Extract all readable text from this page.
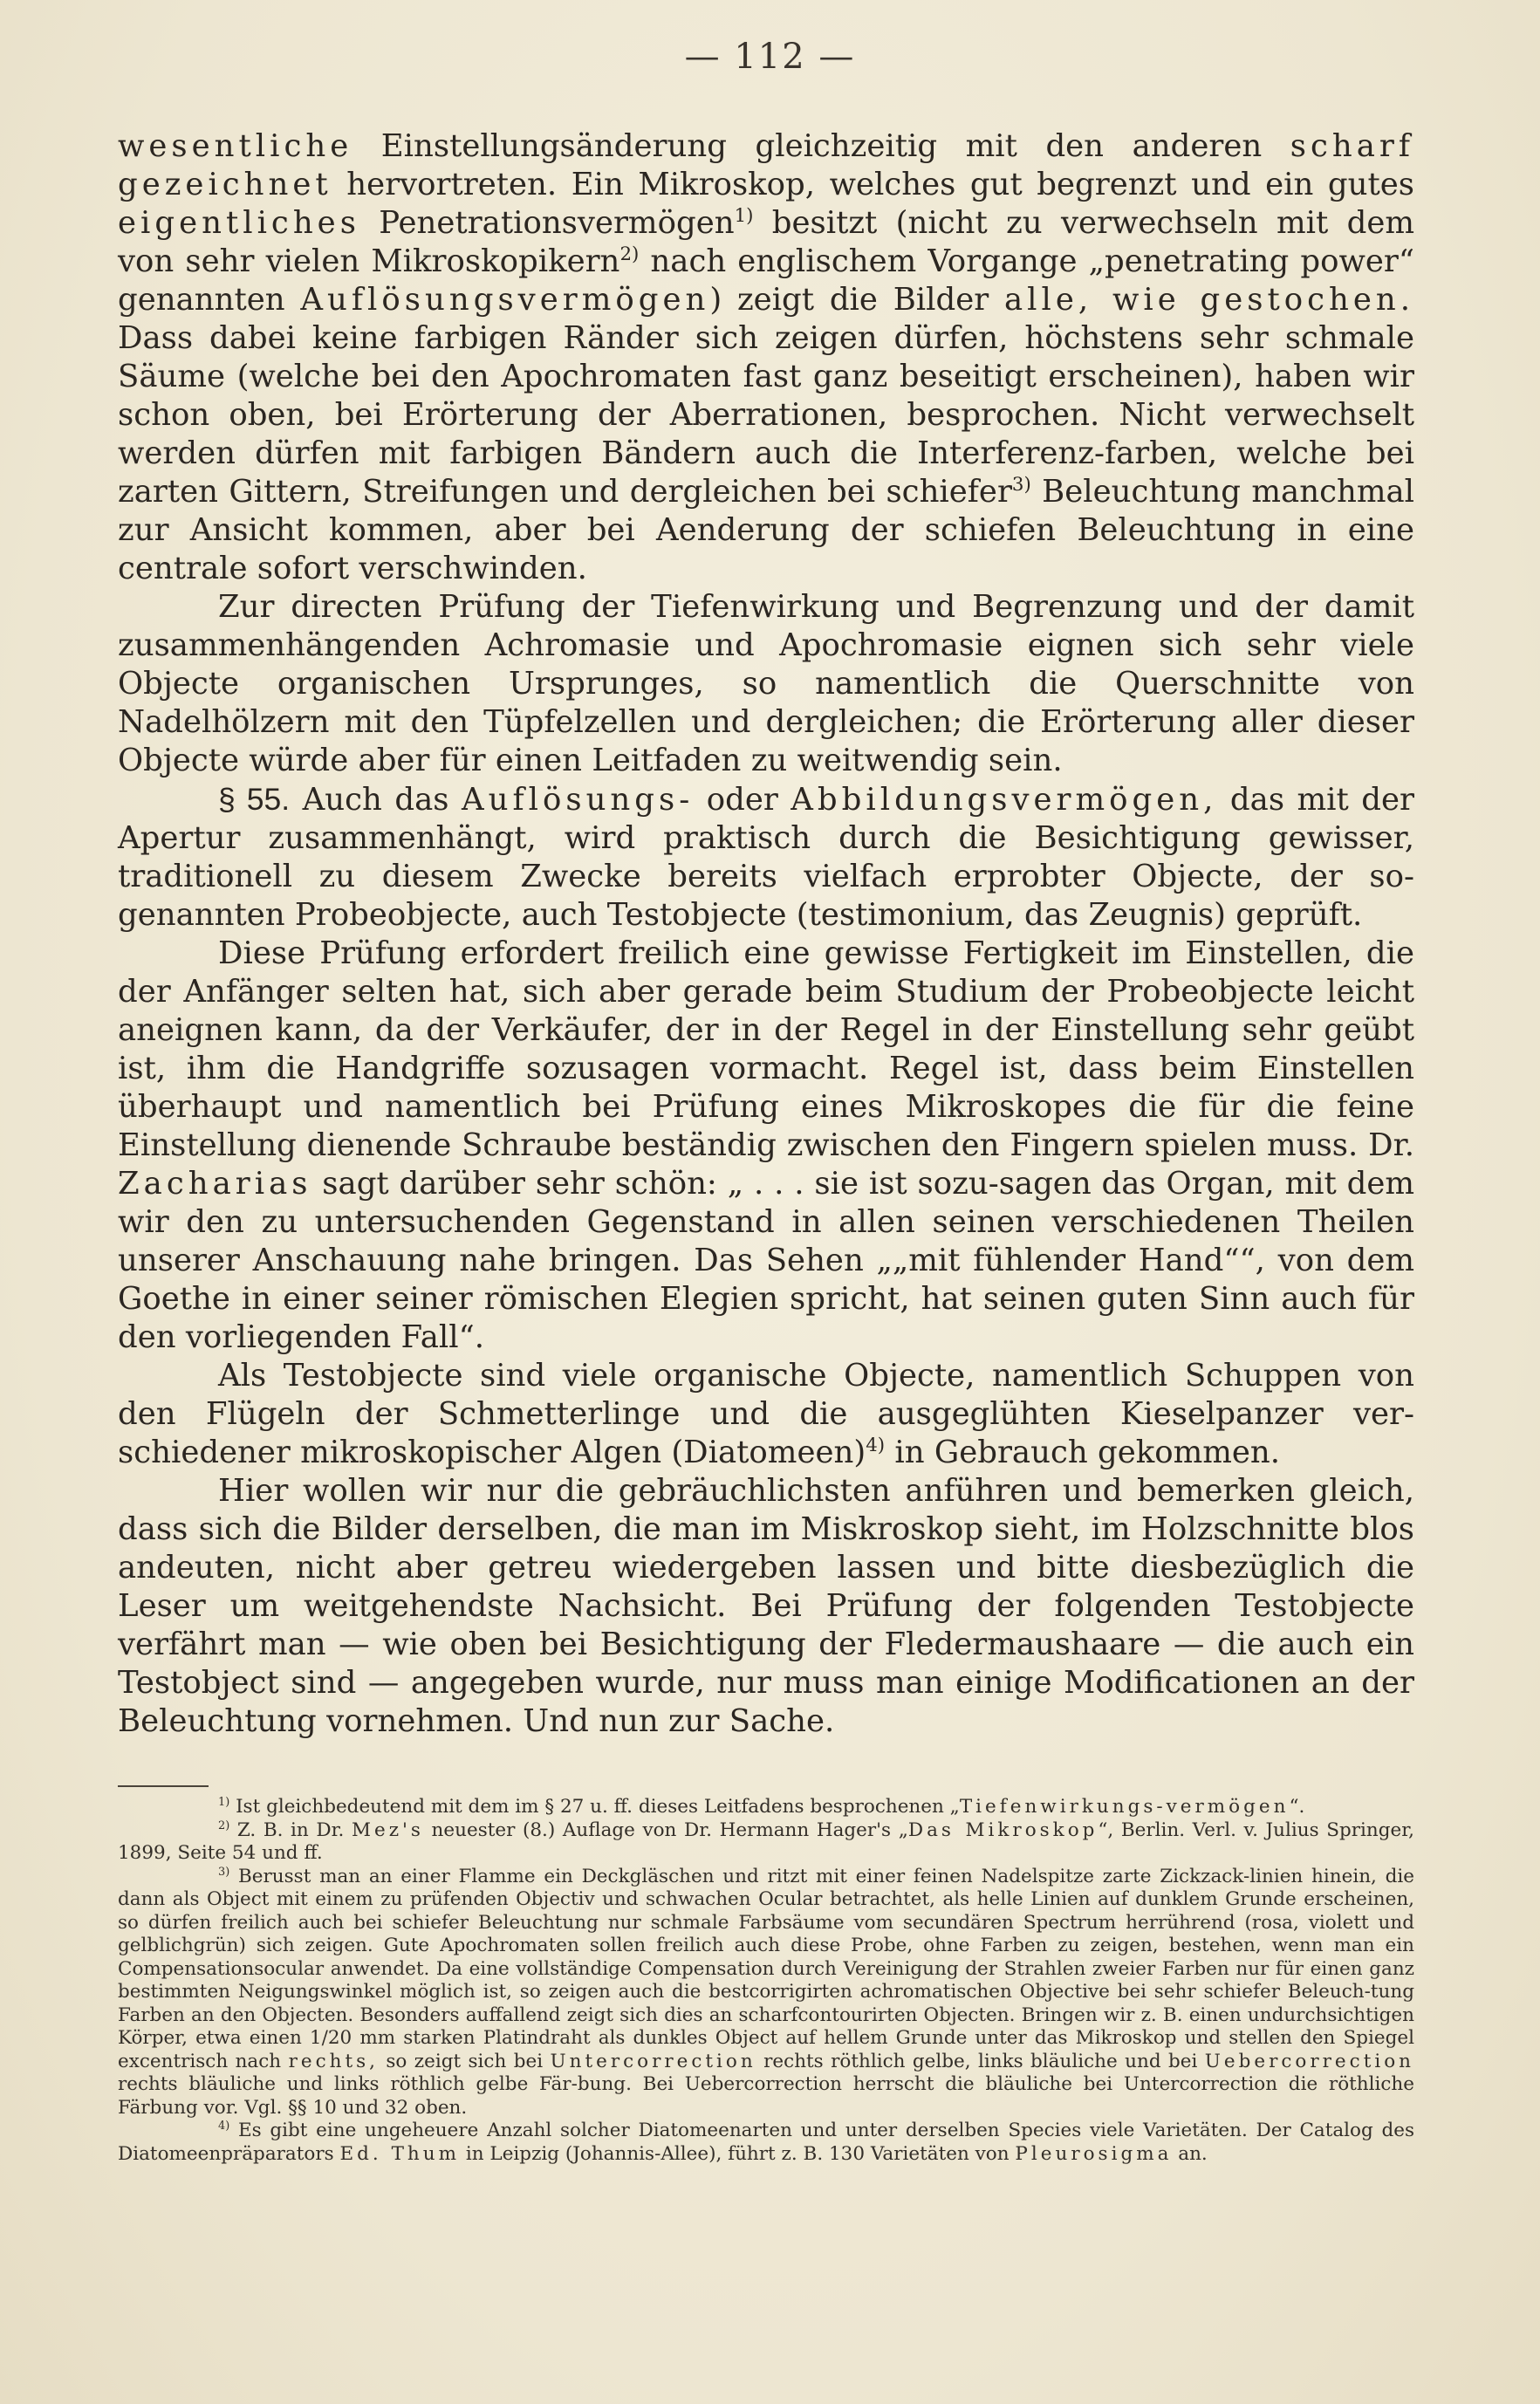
— 112 —

wesentliche Einstellungsänderung gleichzeitig mit den anderen scharf gezeichnet hervortreten. Ein Mikroskop, welches gut begrenzt und ein gutes eigentliches Penetrationsvermögen$^{1)}$ besitzt (nicht zu verwechseln mit dem von sehr vielen Mikroskopikern$^{2)}$ nach englischem Vorgange „penetrating power“ genannten Auflösungsvermögen) zeigt die Bilder alle, wie gestochen. Dass dabei keine farbigen Ränder sich zeigen dürfen, höchstens sehr schmale Säume (welche bei den Apochromaten fast ganz beseitigt erscheinen), haben wir schon oben, bei Erörterung der Aberrationen, besprochen. Nicht verwechselt werden dürfen mit farbigen Bändern auch die Interferenz-farben, welche bei zarten Gittern, Streifungen und dergleichen bei schiefer$^{3)}$ Beleuchtung manchmal zur Ansicht kommen, aber bei Aenderung der schiefen Beleuchtung in eine centrale sofort verschwinden.

Zur directen Prüfung der Tiefenwirkung und Begrenzung und der damit zusammenhängenden Achromasie und Apochromasie eignen sich sehr viele Objecte organischen Ursprunges, so namentlich die Querschnitte von Nadelhölzern mit den Tüpfelzellen und dergleichen; die Erörterung aller dieser Objecte würde aber für einen Leitfaden zu weitwendig sein.

§ 55. Auch das Auflösungs- oder Abbildungsvermögen, das mit der Apertur zusammenhängt, wird praktisch durch die Besichtigung gewisser, traditionell zu diesem Zwecke bereits vielfach erprobter Objecte, der so-genannten Probeobjecte, auch Testobjecte (testimonium, das Zeugnis) geprüft.

Diese Prüfung erfordert freilich eine gewisse Fertigkeit im Einstellen, die der Anfänger selten hat, sich aber gerade beim Studium der Probeobjecte leicht aneignen kann, da der Verkäufer, der in der Regel in der Einstellung sehr geübt ist, ihm die Handgriffe sozusagen vormacht. Regel ist, dass beim Einstellen überhaupt und namentlich bei Prüfung eines Mikroskopes die für die feine Einstellung dienende Schraube beständig zwischen den Fingern spielen muss. Dr. Zacharias sagt darüber sehr schön: „ . . . sie ist sozu-sagen das Organ, mit dem wir den zu untersuchenden Gegenstand in allen seinen verschiedenen Theilen unserer Anschauung nahe bringen. Das Sehen „„mit fühlender Hand““, von dem Goethe in einer seiner römischen Elegien spricht, hat seinen guten Sinn auch für den vorliegenden Fall“.

Als Testobjecte sind viele organische Objecte, namentlich Schuppen von den Flügeln der Schmetterlinge und die ausgeglühten Kieselpanzer ver-schiedener mikroskopischer Algen (Diatomeen)$^{4)}$ in Gebrauch gekommen.

Hier wollen wir nur die gebräuchlichsten anführen und bemerken gleich, dass sich die Bilder derselben, die man im Miskroskop sieht, im Holzschnitte blos andeuten, nicht aber getreu wiedergeben lassen und bitte diesbezüglich die Leser um weitgehendste Nachsicht. Bei Prüfung der folgenden Testobjecte verfährt man — wie oben bei Besichtigung der Fledermaushaare — die auch ein Testobject sind — angegeben wurde, nur muss man einige Modificationen an der Beleuchtung vornehmen. Und nun zur Sache.

$^{1)}$ Ist gleichbedeutend mit dem im § 27 u. ff. dieses Leitfadens besprochenen „Tiefenwirkungs-vermögen“.

$^{2)}$ Z. B. in Dr. Mez's neuester (8.) Auflage von Dr. Hermann Hager's „Das Mikroskop“, Berlin. Verl. v. Julius Springer, 1899, Seite 54 und ff.

$^{3)}$ Berusst man an einer Flamme ein Deckgläschen und ritzt mit einer feinen Nadelspitze zarte Zickzack-linien hinein, die dann als Object mit einem zu prüfenden Objectiv und schwachen Ocular betrachtet, als helle Linien auf dunklem Grunde erscheinen, so dürfen freilich auch bei schiefer Beleuchtung nur schmale Farbsäume vom secundären Spectrum herrührend (rosa, violett und gelblichgrün) sich zeigen. Gute Apochromaten sollen freilich auch diese Probe, ohne Farben zu zeigen, bestehen, wenn man ein Compensationsocular anwendet. Da eine vollständige Compensation durch Vereinigung der Strahlen zweier Farben nur für einen ganz bestimmten Neigungswinkel möglich ist, so zeigen auch die bestcorrigirten achromatischen Objective bei sehr schiefer Beleuch-tung Farben an den Objecten. Besonders auffallend zeigt sich dies an scharfcontourirten Objecten. Bringen wir z. B. einen undurchsichtigen Körper, etwa einen 1/20 mm starken Platindraht als dunkles Object auf hellem Grunde unter das Mikroskop und stellen den Spiegel excentrisch nach rechts, so zeigt sich bei Untercorrection rechts röthlich gelbe, links bläuliche und bei Uebercorrection rechts bläuliche und links röthlich gelbe Fär-bung. Bei Uebercorrection herrscht die bläuliche bei Untercorrection die röthliche Färbung vor. Vgl. §§ 10 und 32 oben.

$^{4)}$ Es gibt eine ungeheuere Anzahl solcher Diatomeenarten und unter derselben Species viele Varietäten. Der Catalog des Diatomeenpräparators Ed. Thum in Leipzig (Johannis-Allee), führt z. B. 130 Varietäten von Pleurosigma an.
